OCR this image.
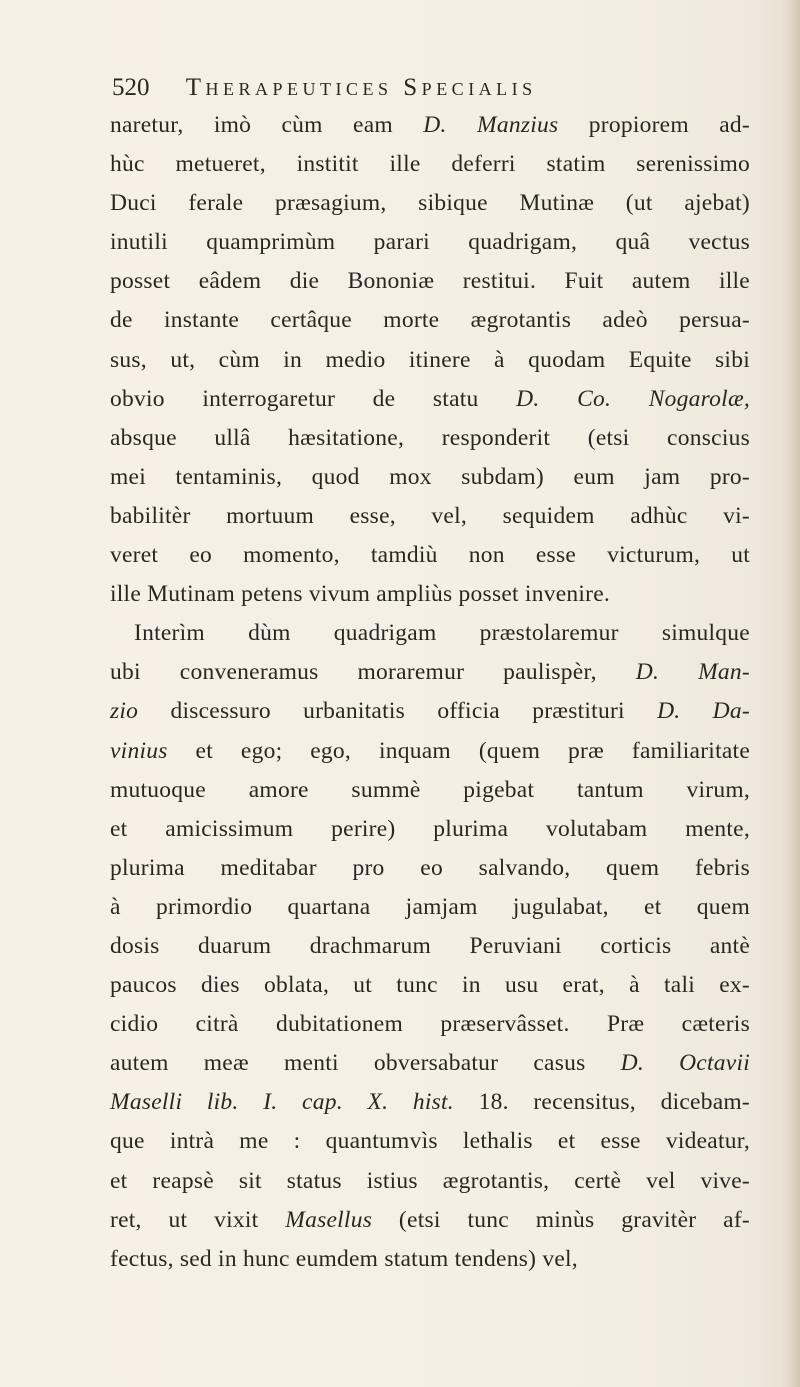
520 Therapeutices Specialis
naretur, imò cùm eam D. Manzius propiorem ad-
hùc metueret, institit ille deferri statim serenissimo
Duci ferale præsagium, sibique Mutinæ (ut ajebat)
inutili quamprimùm parari quadrigam, quâ vectus
posset eâdem die Bononiæ restitui. Fuit autem ille
de instante certâque morte ægrotantis adeò persua-
sus, ut, cùm in medio itinere à quodam Equite sibi
obvio interrogaretur de statu D. Co. Nogarolæ,
absque ullâ hæsitatione, responderit (etsi conscius
mei tentaminis, quod mox subdam) eum jam pro-
babilitèr mortuum esse, vel, sequidem adhùc vi-
veret eo momento, tamdiù non esse victurum, ut
ille Mutinam petens vivum ampliùs posset invenire.
Interìm dùm quadrigam præstolaremur simulque
ubi conveneramus moraremur paulispèr, D. Man-
zio discessuro urbanitatis officia præstituri D. Da-
vinius et ego; ego, inquam (quem præ familiaritate
mutuoque amore summè pigebat tantum virum,
et amicissimum perire) plurima volutabam mente,
plurima meditabar pro eo salvando, quem febris
à primordio quartana jamjam jugulabat, et quem
dosis duarum drachmarum Peruviani corticis antè
paucos dies oblata, ut tunc in usu erat, à tali ex-
cidio citrà dubitationem præservâsset. Præ cæteris
autem meæ menti obversabatur casus D. Octavii
Maselli lib. I. cap. X. hist. 18. recensitus, dicebam-
que intrà me : quantumvìs lethalis et esse videatur,
et reapsè sit status istius ægrotantis, certè vel vive-
ret, ut vixit Masellus (etsi tunc minùs gravitèr af-
fectus, sed in hunc eumdem statum tendens) vel,
